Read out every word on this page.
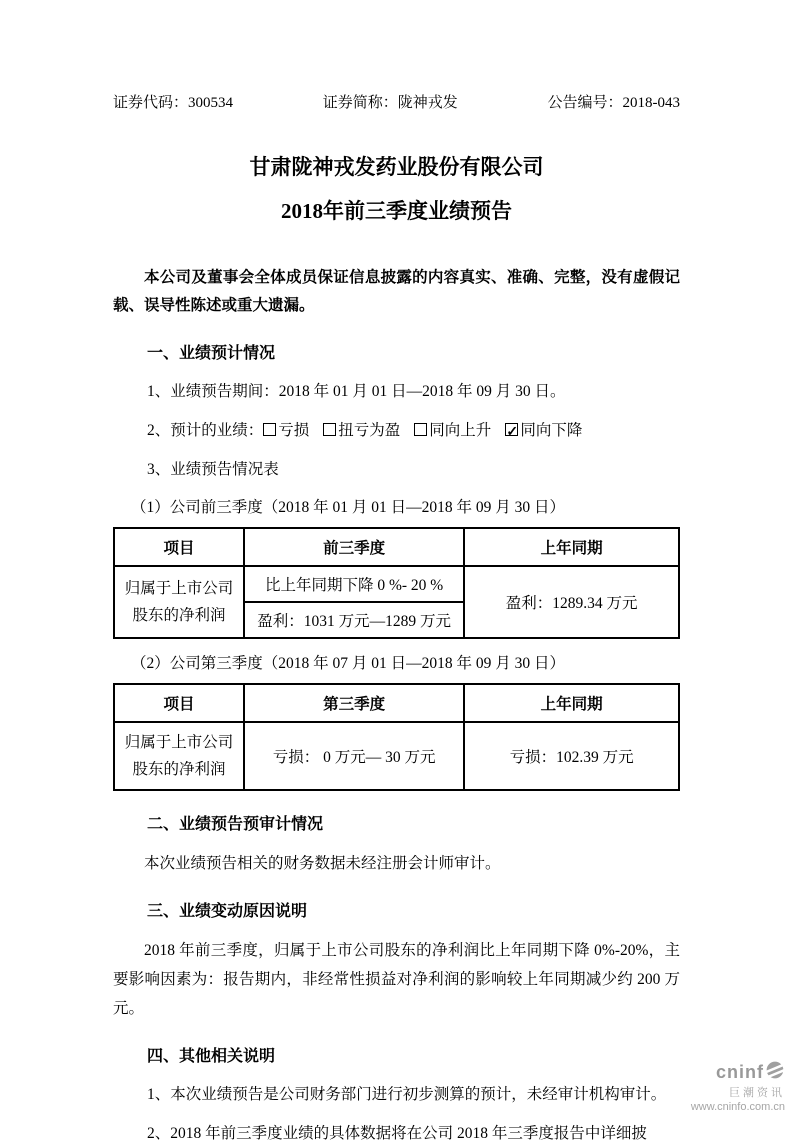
证券代码：300534	证券简称：陇神戎发	公告编号：2018-043
甘肃陇神戎发药业股份有限公司
2018年前三季度业绩预告

本公司及董事会全体成员保证信息披露的内容真实、准确、完整，没有虚假记载、误导性陈述或重大遗漏。

一、业绩预计情况
1、业绩预告期间：2018 年 01 月 01 日—2018 年 09 月 30 日。
2、预计的业绩： 亏损 扭亏为盈 同向上升 ✓ 同向下降
3、业绩预告情况表
（1）公司前三季度（2018 年 01 月 01 日—2018 年 09 月 30 日）
项目	前三季度	上年同期
归属于上市公司股东的净利润	比上年同期下降 0 %- 20 %	盈利：1289.34 万元
	盈利：1031 万元—1289 万元	
（2）公司第三季度（2018 年 07 月 01 日—2018 年 09 月 30 日）
项目	第三季度	上年同期
归属于上市公司股东的净利润	亏损： 0 万元— 30 万元	亏损：102.39 万元
二、业绩预告预审计情况

本次业绩预告相关的财务数据未经注册会计师审计。

三、业绩变动原因说明

2018 年前三季度，归属于上市公司股东的净利润比上年同期下降 0%-20%，主要影响因素为：报告期内，非经常性损益对净利润的影响较上年同期减少约 200 万元。

四、其他相关说明
1、本次业绩预告是公司财务部门进行初步测算的预计，未经审计机构审计。
2、2018 年前三季度业绩的具体数据将在公司 2018 年三季度报告中详细披
cninf
巨潮资讯
www.cninfo.com.cn
